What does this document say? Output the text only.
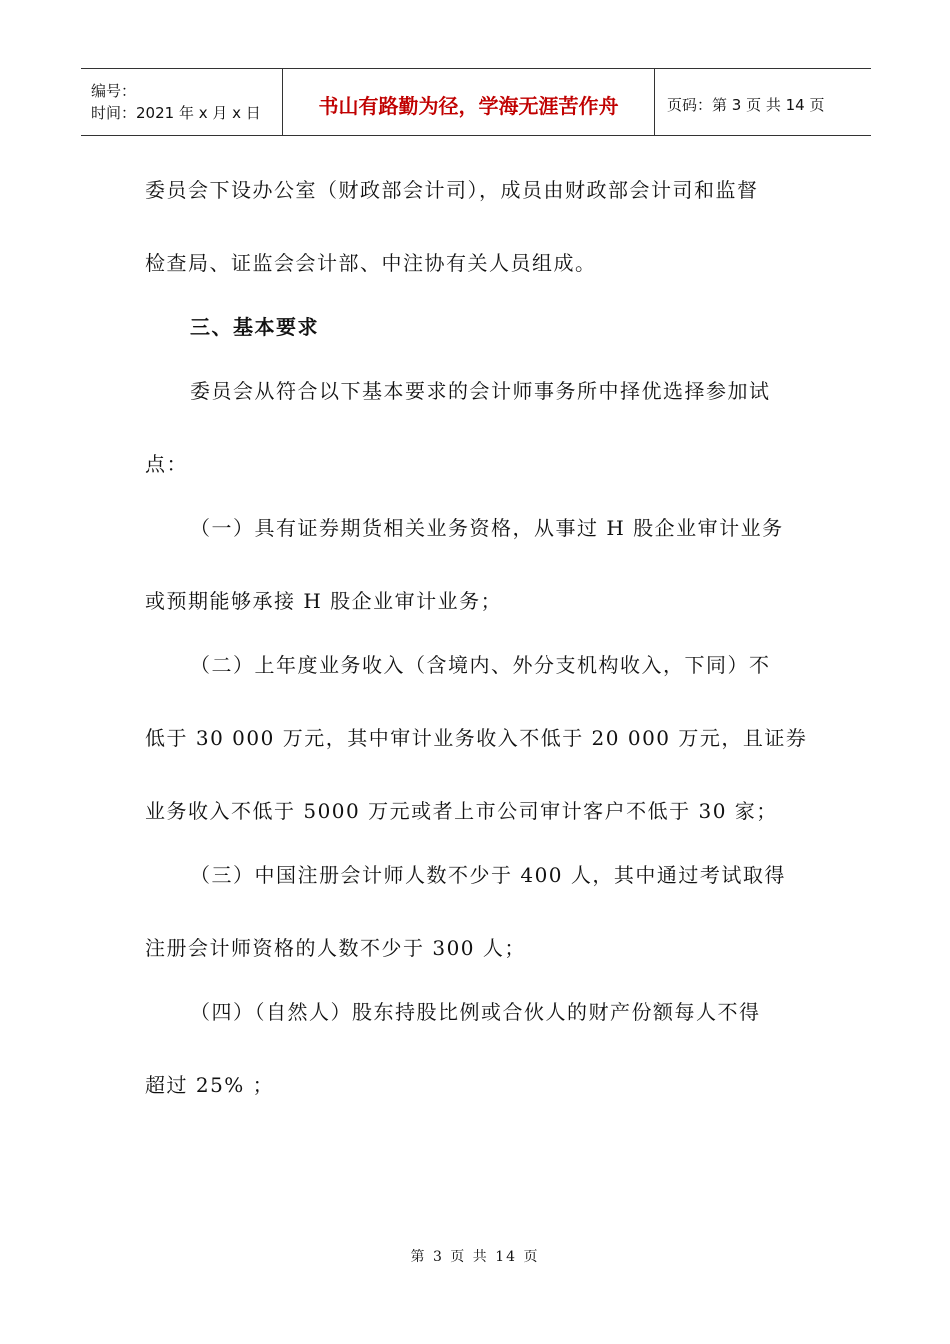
编号：
时间：2021 年 x 月 x 日	书山有路勤为径，学海无涯苦作舟	页码：第 3 页 共 14 页
委员会下设办公室（财政部会计司），成员由财政部会计司和监督
检查局、证监会会计部、中注协有关人员组成。
三、基本要求
委员会从符合以下基本要求的会计师事务所中择优选择参加试
点：
（一）具有证券期货相关业务资格，从事过 H 股企业审计业务
或预期能够承接 H 股企业审计业务；
（二）上年度业务收入（含境内、外分支机构收入，下同）不
低于 30 000 万元，其中审计业务收入不低于 20 000 万元，且证券
业务收入不低于 5000 万元或者上市公司审计客户不低于 30 家；
（三）中国注册会计师人数不少于 400 人，其中通过考试取得
注册会计师资格的人数不少于 300 人；
（四）（自然人）股东持股比例或合伙人的财产份额每人不得
超过 25% ；
第 3 页 共 14 页
